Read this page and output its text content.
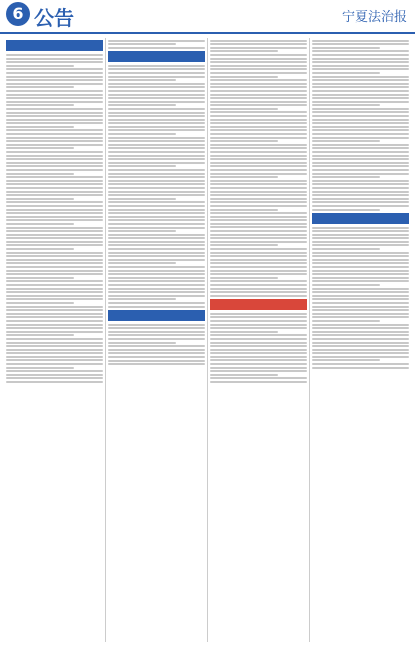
6 公告	宁夏法治报
